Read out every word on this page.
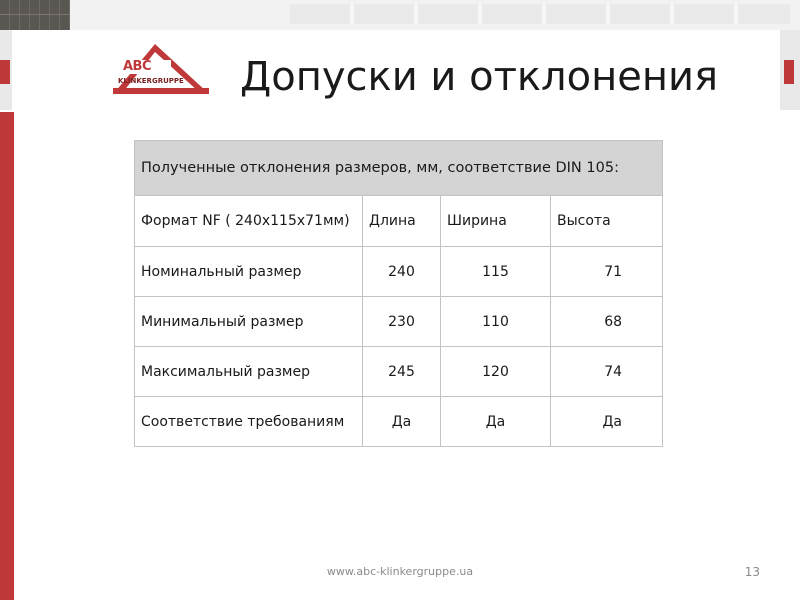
ABC
KLINKERGRUPPE Допуски и отклонения
Полученные отклонения размеров, мм, соответствие DIN 105:			
Формат NF ( 240х115х71мм)	Длина	Ширина	Высота
Номинальный размер	240	115	71
Минимальный размер	230	110	68
Максимальный размер	245	120	74
Соответствие требованиям	Да	Да	Да
www.abc-klinkergruppe.ua	13
